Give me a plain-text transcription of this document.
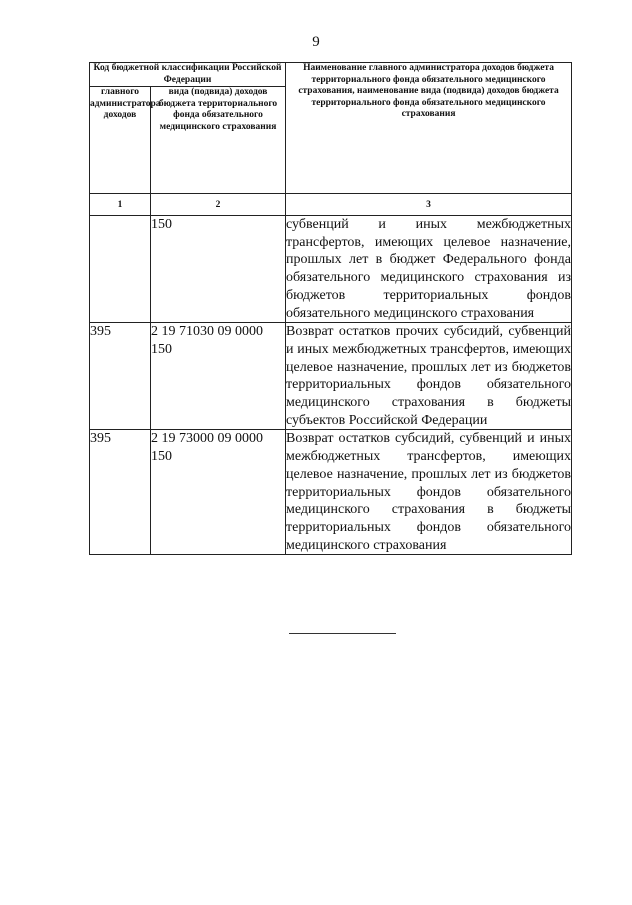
9
Код бюджетной классификации Российской Федерации		Наименование главного администратора доходов бюджета территориального фонда обязательного медицинского страхования, наименование вида (подвида) доходов бюджета территориального фонда обязательного медицинского страхования
главного администратора доходов	вида (подвида) доходов бюджета территориального фонда обязательного медицинского страхования	
1	2	3
	150	субвенций и иных межбюджетных трансфертов, имеющих целевое назначение, прошлых лет в бюджет Федерального фонда обязательного медицинского страхования из бюджетов территориальных фондов обязательного медицинского страхования
395	2 19 71030 09 0000 150	Возврат остатков прочих субсидий, субвенций и иных межбюджетных трансфертов, имеющих целевое назначение, прошлых лет из бюджетов территориальных фондов обязательного медицинского страхования в бюджеты субъектов Российской Федерации
395	2 19 73000 09 0000 150	Возврат остатков субсидий, субвенций и иных межбюджетных трансфертов, имеющих целевое назначение, прошлых лет из бюджетов территориальных фондов обязательного медицинского страхования в бюджеты территориальных фондов обязательного медицинского страхования
